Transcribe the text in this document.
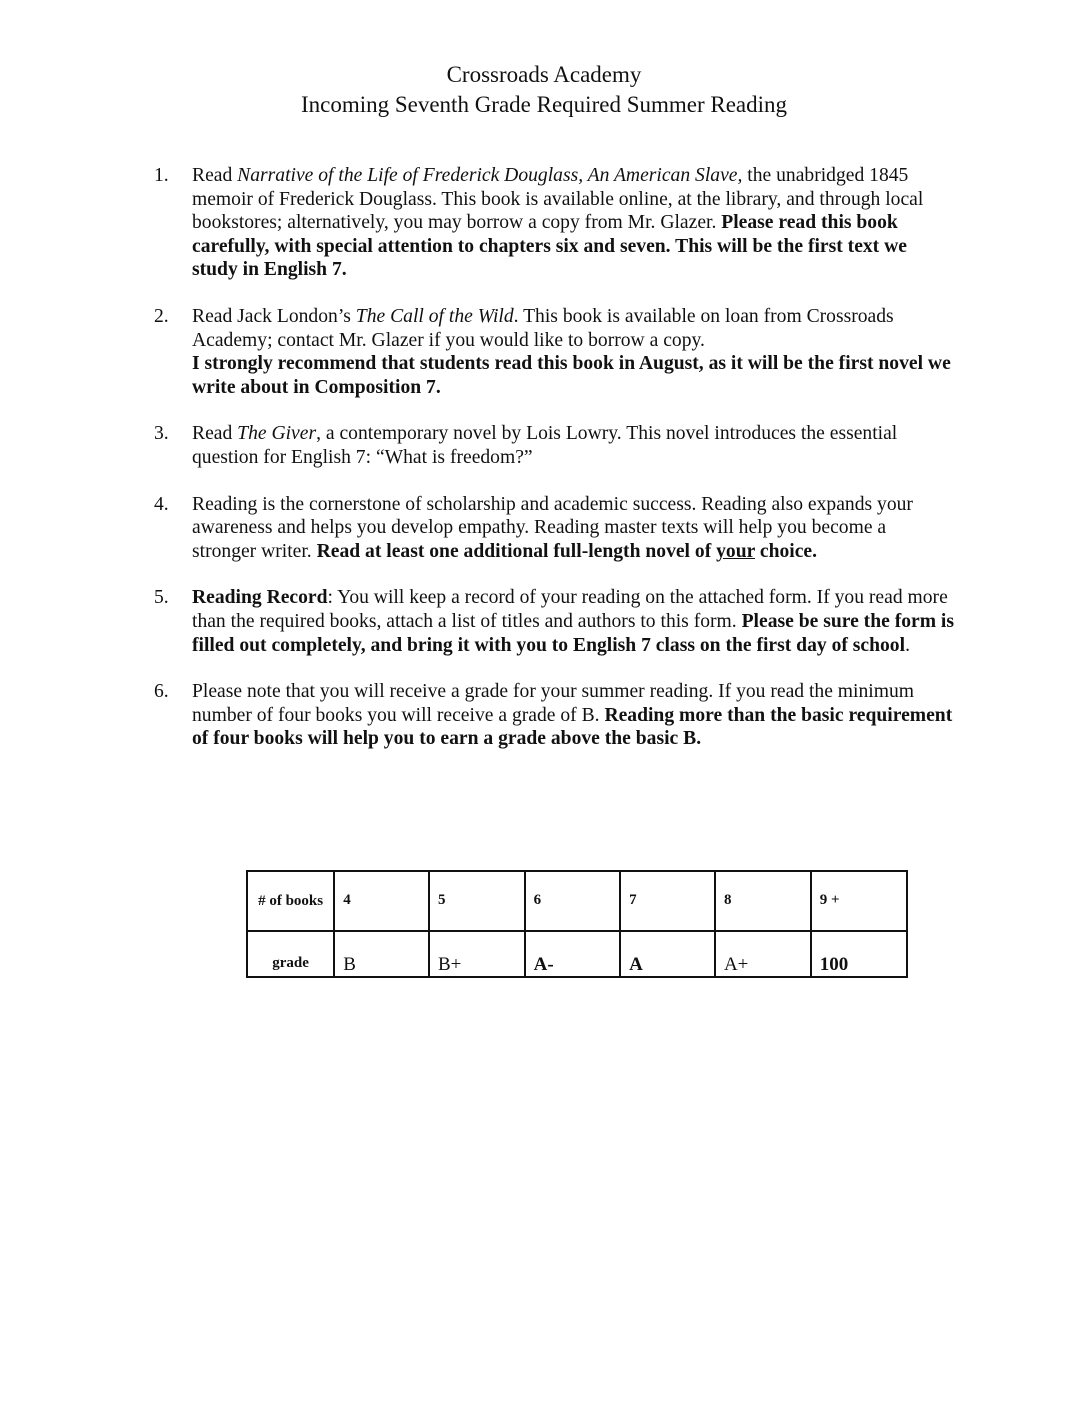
Crossroads Academy
Incoming Seventh Grade Required Summer Reading
1.	Read Narrative of the Life of Frederick Douglass, An American Slave, the unabridged 1845 memoir of Frederick Douglass. This book is available online, at the library, and through local bookstores; alternatively, you may borrow a copy from Mr. Glazer. Please read this book carefully, with special attention to chapters six and seven. This will be the first text we study in English 7.

2.	Read Jack London’s The Call of the Wild. This book is available on loan from Crossroads Academy; contact Mr. Glazer if you would like to borrow a copy.
I strongly recommend that students read this book in August, as it will be the first novel we write about in Composition 7.

3.	Read The Giver, a contemporary novel by Lois Lowry. This novel introduces the essential question for English 7: “What is freedom?”

4.	Reading is the cornerstone of scholarship and academic success. Reading also expands your awareness and helps you develop empathy. Reading master texts will help you become a stronger writer. Read at least one additional full-length novel of your choice.

5.	Reading Record: You will keep a record of your reading on the attached form. If you read more than the required books, attach a list of titles and authors to this form. Please be sure the form is filled out completely, and bring it with you to English 7 class on the first day of school.

6.	Please note that you will receive a grade for your summer reading. If you read the minimum number of four books you will receive a grade of B. Reading more than the basic requirement of four books will help you to earn a grade above the basic B.

# of books	4	5	6	7	8	9 +
grade	B	B+	A-	A	A+	100
